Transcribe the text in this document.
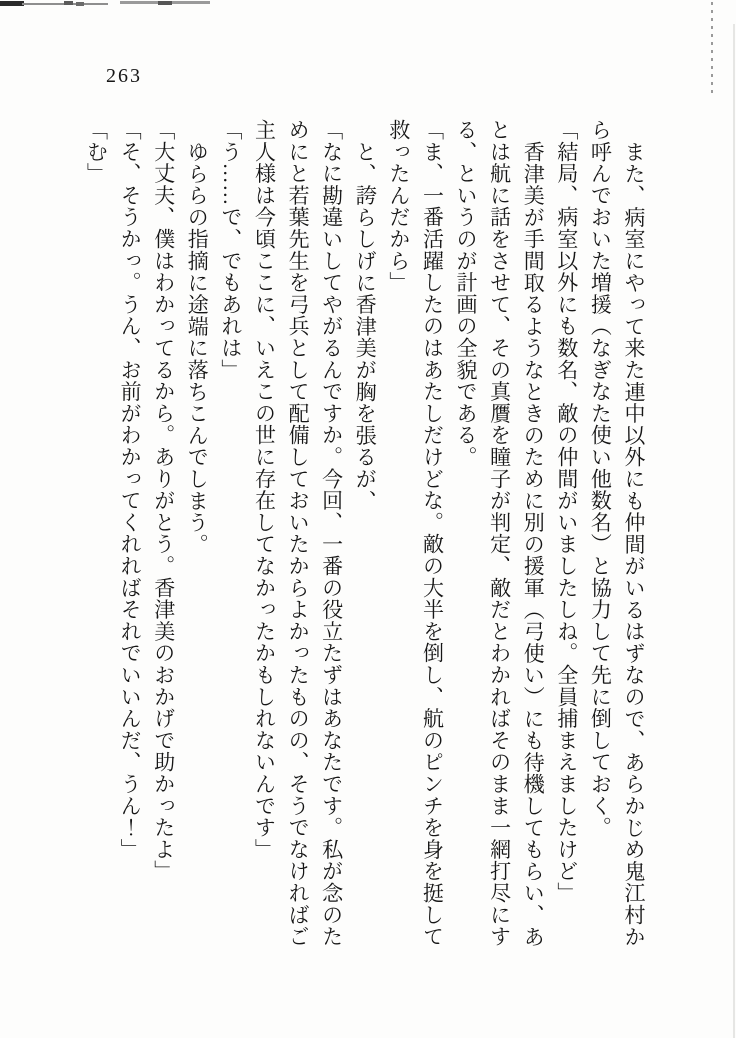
263
また、病室にやって来た連中以外にも仲間がいるはずなので、あらかじめ鬼江村か
ら呼んでおいた増援（なぎなた使い他数名）と協力して先に倒しておく。
「結局、病室以外にも数名、敵の仲間がいましたしね。全員捕まえましたけど」
香津美が手間取るようなときのために別の援軍（弓使い）にも待機してもらい、あ
とは航に話をさせて、その真贋を瞳子が判定、敵だとわかればそのまま一網打尽にす
る、というのが計画の全貌である。
「ま、一番活躍したのはあたしだけどな。敵の大半を倒し、航のピンチを身を挺して
救ったんだから」
と、誇らしげに香津美が胸を張るが、
「なに勘違いしてやがるんですか。今回、一番の役立たずはあなたです。私が念のた
めにと若葉先生を弓兵として配備しておいたからよかったものの、そうでなければご
主人様は今頃ここに、いえこの世に存在してなかったかもしれないんです」
「う……で、でもあれは」
ゆららの指摘に途端に落ちこんでしまう。
「大丈夫、僕はわかってるから。ありがとう。香津美のおかげで助かったよ」
「そ、そうかっ。うん、お前がわかってくれればそれでいいんだ、うん！」
「む」
